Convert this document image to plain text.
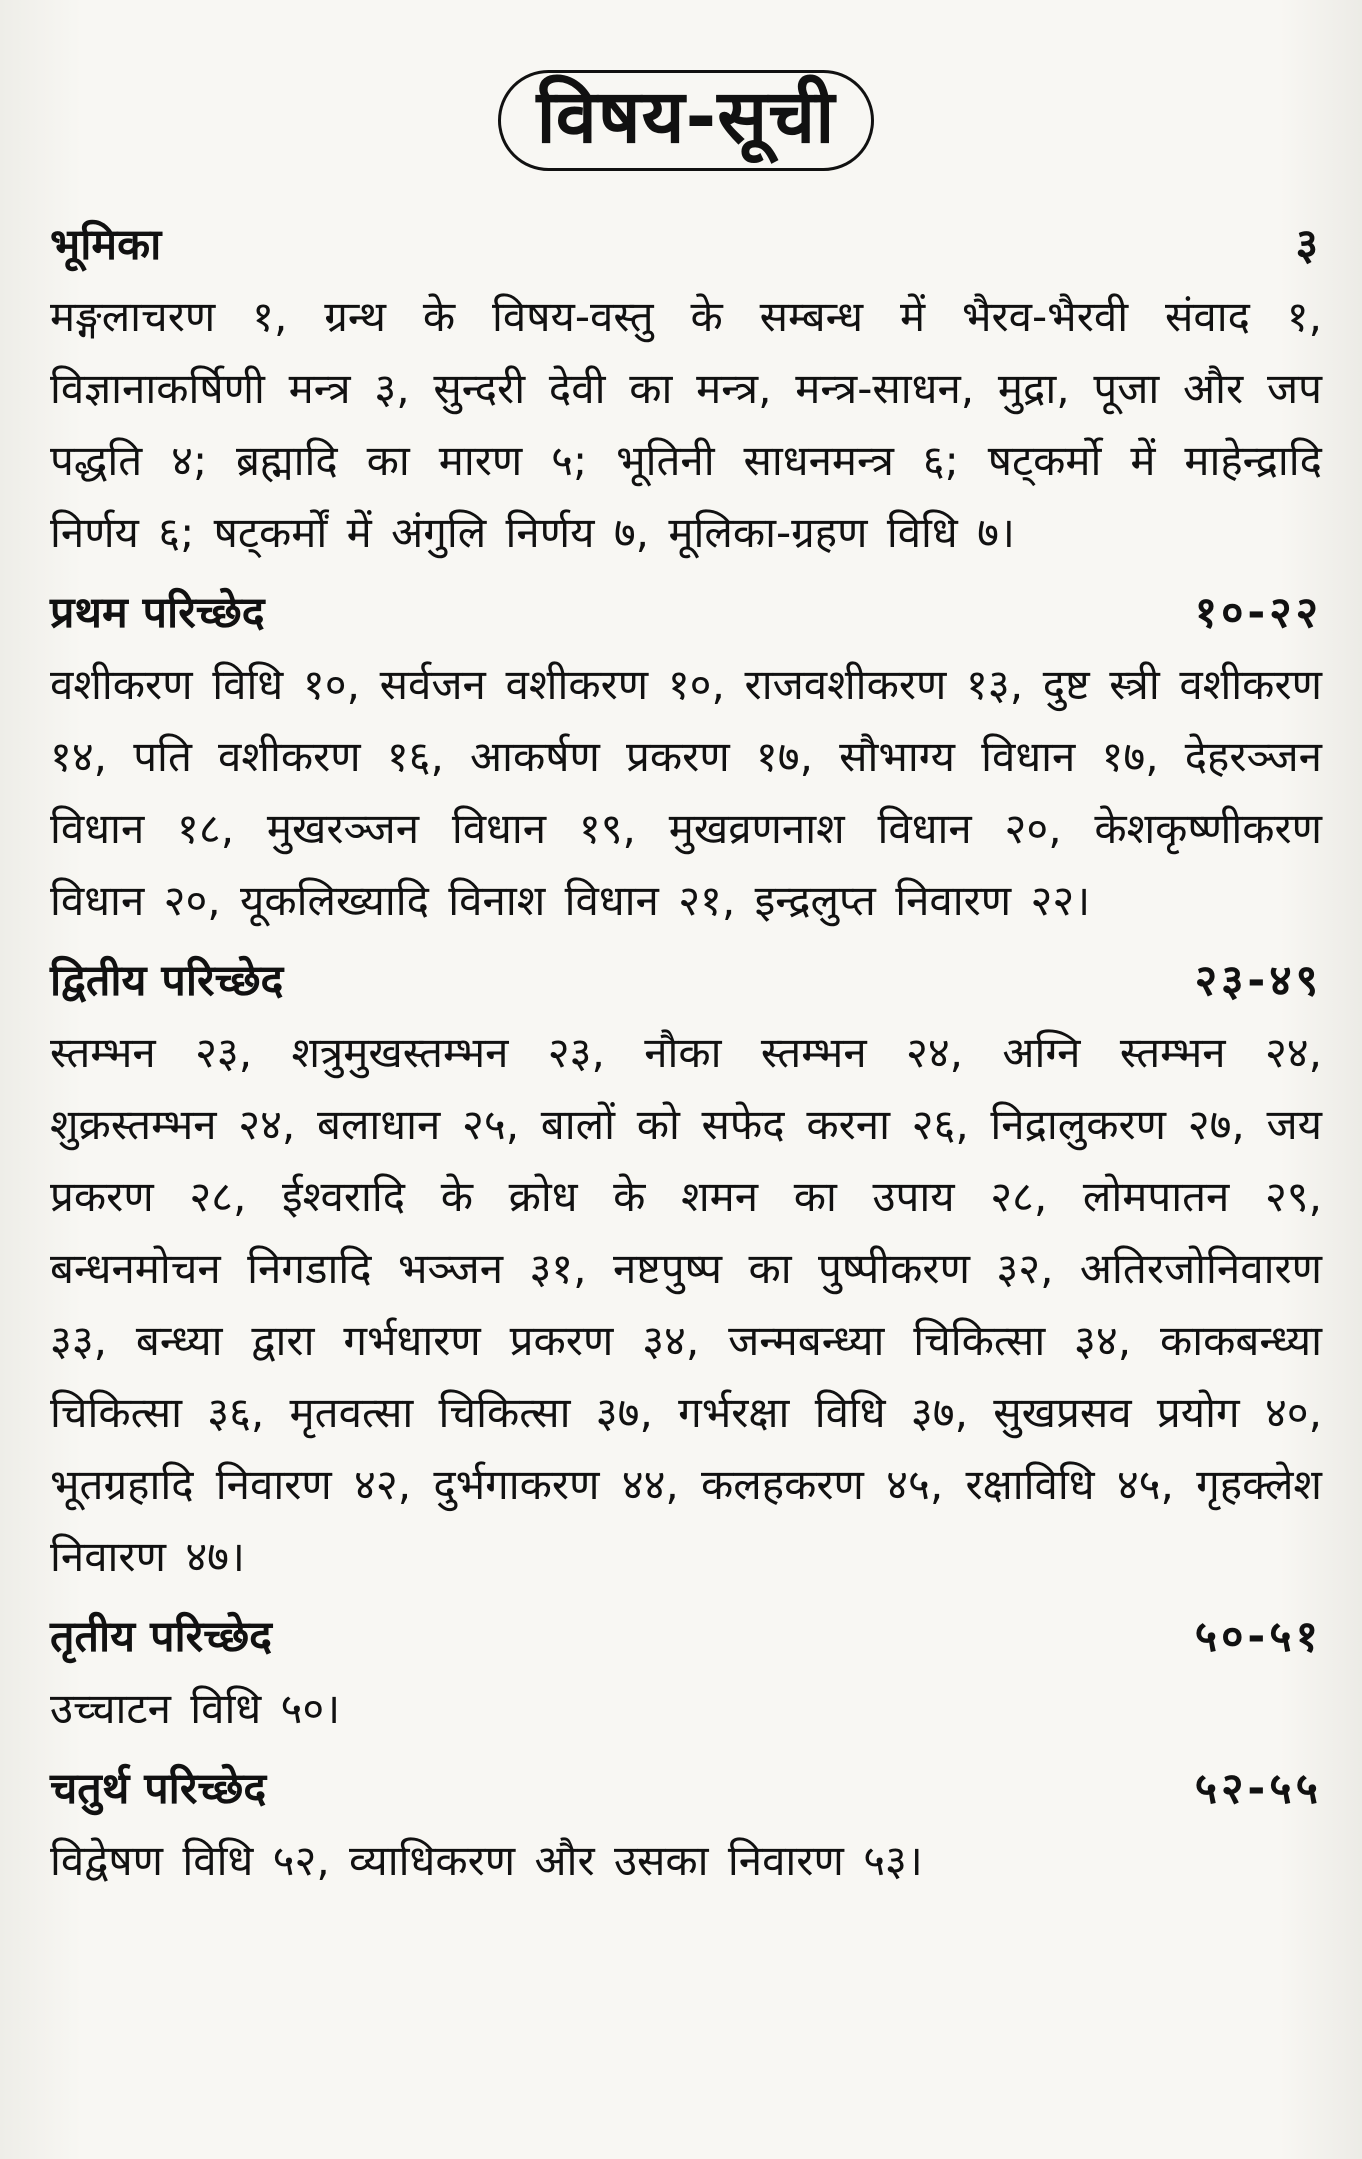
विषय-सूची
भूमिका	३

मङ्गलाचरण १, ग्रन्थ के विषय-वस्तु के सम्बन्ध में भैरव-भैरवी संवाद १, विज्ञानाकर्षिणी मन्त्र ३, सुन्दरी देवी का मन्त्र, मन्त्र-साधन, मुद्रा, पूजा और जप पद्धति ४; ब्रह्मादि का मारण ५; भूतिनी साधनमन्त्र ६; षट्कर्मो में माहेन्द्रादि निर्णय ६; षट्कर्मों में अंगुलि निर्णय ७, मूलिका-ग्रहण विधि ७।

प्रथम परिच्छेद	१०-२२

वशीकरण विधि १०, सर्वजन वशीकरण १०, राजवशीकरण १३, दुष्ट स्त्री वशीकरण १४, पति वशीकरण १६, आकर्षण प्रकरण १७, सौभाग्य विधान १७, देहरञ्जन विधान १८, मुखरञ्जन विधान १९, मुखव्रणनाश विधान २०, केशकृष्णीकरण विधान २०, यूकलिख्यादि विनाश विधान २१, इन्द्रलुप्त निवारण २२।

द्वितीय परिच्छेद	२३-४९

स्तम्भन २३, शत्रुमुखस्तम्भन २३, नौका स्तम्भन २४, अग्नि स्तम्भन २४, शुक्रस्तम्भन २४, बलाधान २५, बालों को सफेद करना २६, निद्रालुकरण २७, जय प्रकरण २८, ईश्वरादि के क्रोध के शमन का उपाय २८, लोमपातन २९, बन्धनमोचन निगडादि भञ्जन ३१, नष्टपुष्प का पुष्पीकरण ३२, अतिरजोनिवारण ३३, बन्ध्या द्वारा गर्भधारण प्रकरण ३४, जन्मबन्ध्या चिकित्सा ३४, काकबन्ध्या चिकित्सा ३६, मृतवत्सा चिकित्सा ३७, गर्भरक्षा विधि ३७, सुखप्रसव प्रयोग ४०, भूतग्रहादि निवारण ४२, दुर्भगाकरण ४४, कलहकरण ४५, रक्षाविधि ४५, गृहक्लेश निवारण ४७।

तृतीय परिच्छेद	५०-५१

उच्चाटन विधि ५०।

चतुर्थ परिच्छेद	५२-५५

विद्वेषण विधि ५२, व्याधिकरण और उसका निवारण ५३।
